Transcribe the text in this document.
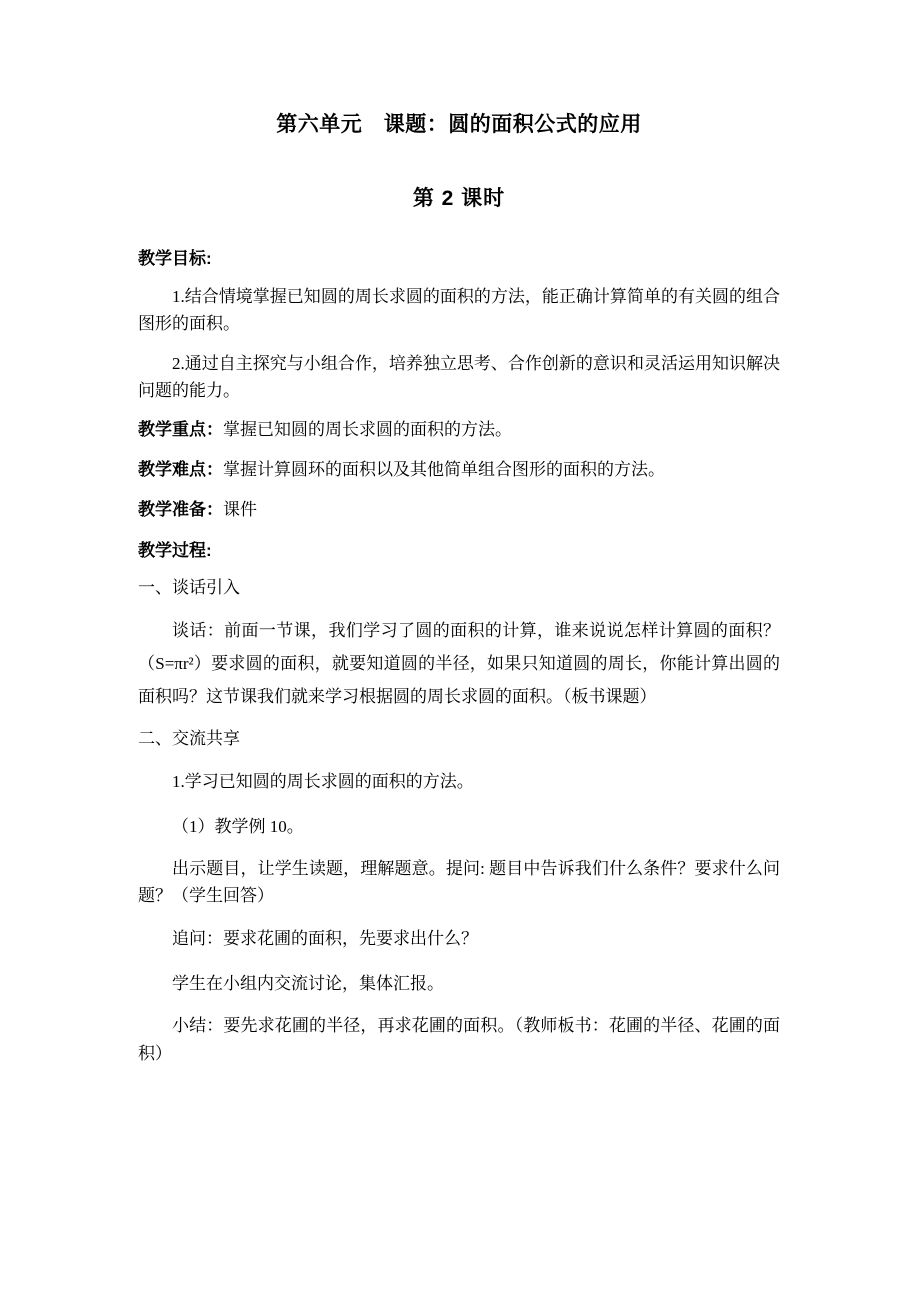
第六单元　课题：圆的面积公式的应用
第 2 课时
教学目标:

1.结合情境掌握已知圆的周长求圆的面积的方法，能正确计算简单的有关圆的组合图形的面积。

2.通过自主探究与小组合作，培养独立思考、合作创新的意识和灵活运用知识解决问题的能力。

教学重点：掌握已知圆的周长求圆的面积的方法。
教学难点：掌握计算圆环的面积以及其他简单组合图形的面积的方法。
教学准备：课件
教学过程:

一、谈话引入

谈话：前面一节课，我们学习了圆的面积的计算，谁来说说怎样计算圆的面积？（S=πr²）要求圆的面积，就要知道圆的半径，如果只知道圆的周长，你能计算出圆的面积吗？这节课我们就来学习根据圆的周长求圆的面积。（板书课题）

二、交流共享

1.学习已知圆的周长求圆的面积的方法。

（1）教学例 10。

出示题目，让学生读题，理解题意。提问: 题目中告诉我们什么条件？要求什么问题？（学生回答）

追问：要求花圃的面积，先要求出什么？

学生在小组内交流讨论，集体汇报。

小结：要先求花圃的半径，再求花圃的面积。（教师板书：花圃的半径、花圃的面积）
